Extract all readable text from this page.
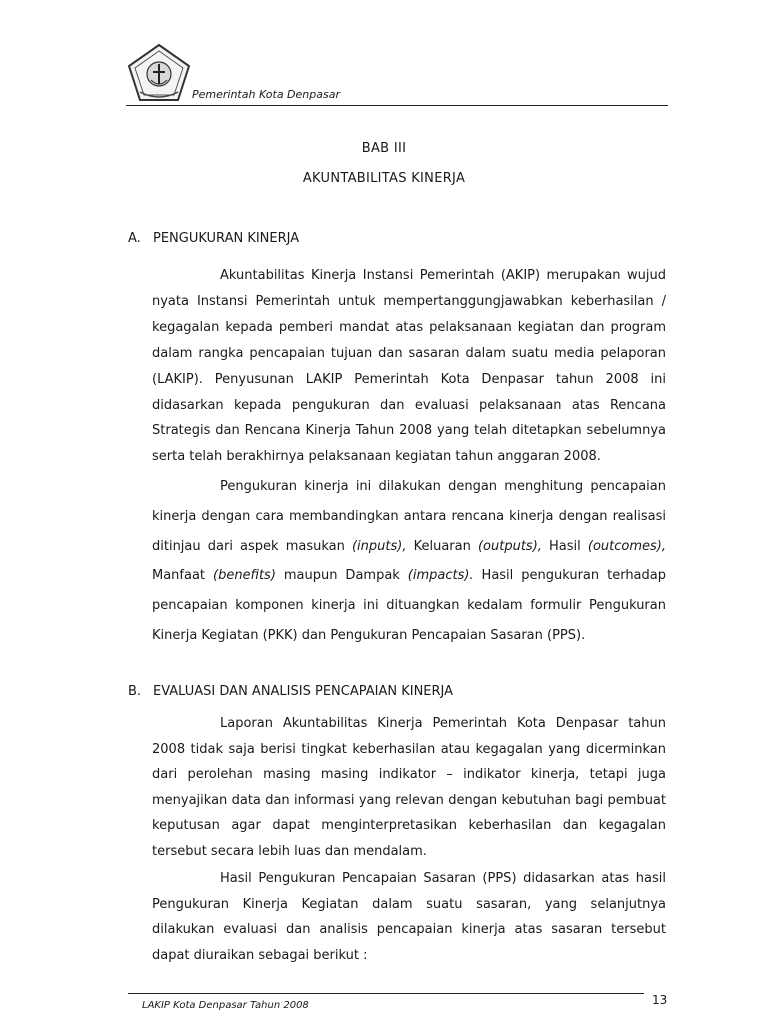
Pemerintah Kota Denpasar
BAB III
AKUNTABILITAS KINERJA
A. PENGUKURAN KINERJA

Akuntabilitas Kinerja Instansi Pemerintah (AKIP) merupakan wujud nyata Instansi Pemerintah untuk mempertanggungjawabkan keberhasilan / kegagalan kepada pemberi mandat atas pelaksanaan kegiatan dan program dalam rangka pencapaian tujuan dan sasaran dalam suatu media pelaporan (LAKIP). Penyusunan LAKIP Pemerintah Kota Denpasar tahun 2008 ini didasarkan kepada pengukuran dan evaluasi pelaksanaan atas Rencana Strategis dan Rencana Kinerja Tahun 2008 yang telah ditetapkan sebelumnya serta telah berakhirnya pelaksanaan kegiatan tahun anggaran 2008.

Pengukuran kinerja ini dilakukan dengan menghitung pencapaian kinerja dengan cara membandingkan antara rencana kinerja dengan realisasi ditinjau dari aspek masukan (inputs), Keluaran (outputs), Hasil (outcomes), Manfaat (benefits) maupun Dampak (impacts). Hasil pengukuran terhadap pencapaian komponen kinerja ini dituangkan kedalam formulir Pengukuran Kinerja Kegiatan (PKK) dan Pengukuran Pencapaian Sasaran (PPS).

B. EVALUASI DAN ANALISIS PENCAPAIAN KINERJA

Laporan Akuntabilitas Kinerja Pemerintah Kota Denpasar tahun 2008 tidak saja berisi tingkat keberhasilan atau kegagalan yang dicerminkan dari perolehan masing masing indikator – indikator kinerja, tetapi juga menyajikan data dan informasi yang relevan dengan kebutuhan bagi pembuat keputusan agar dapat menginterpretasikan keberhasilan dan kegagalan tersebut secara lebih luas dan mendalam.

Hasil Pengukuran Pencapaian Sasaran (PPS) didasarkan atas hasil Pengukuran Kinerja Kegiatan dalam suatu sasaran, yang selanjutnya dilakukan evaluasi dan analisis pencapaian kinerja atas sasaran tersebut dapat diuraikan sebagai berikut :

LAKIP Kota Denpasar Tahun 2008	13
